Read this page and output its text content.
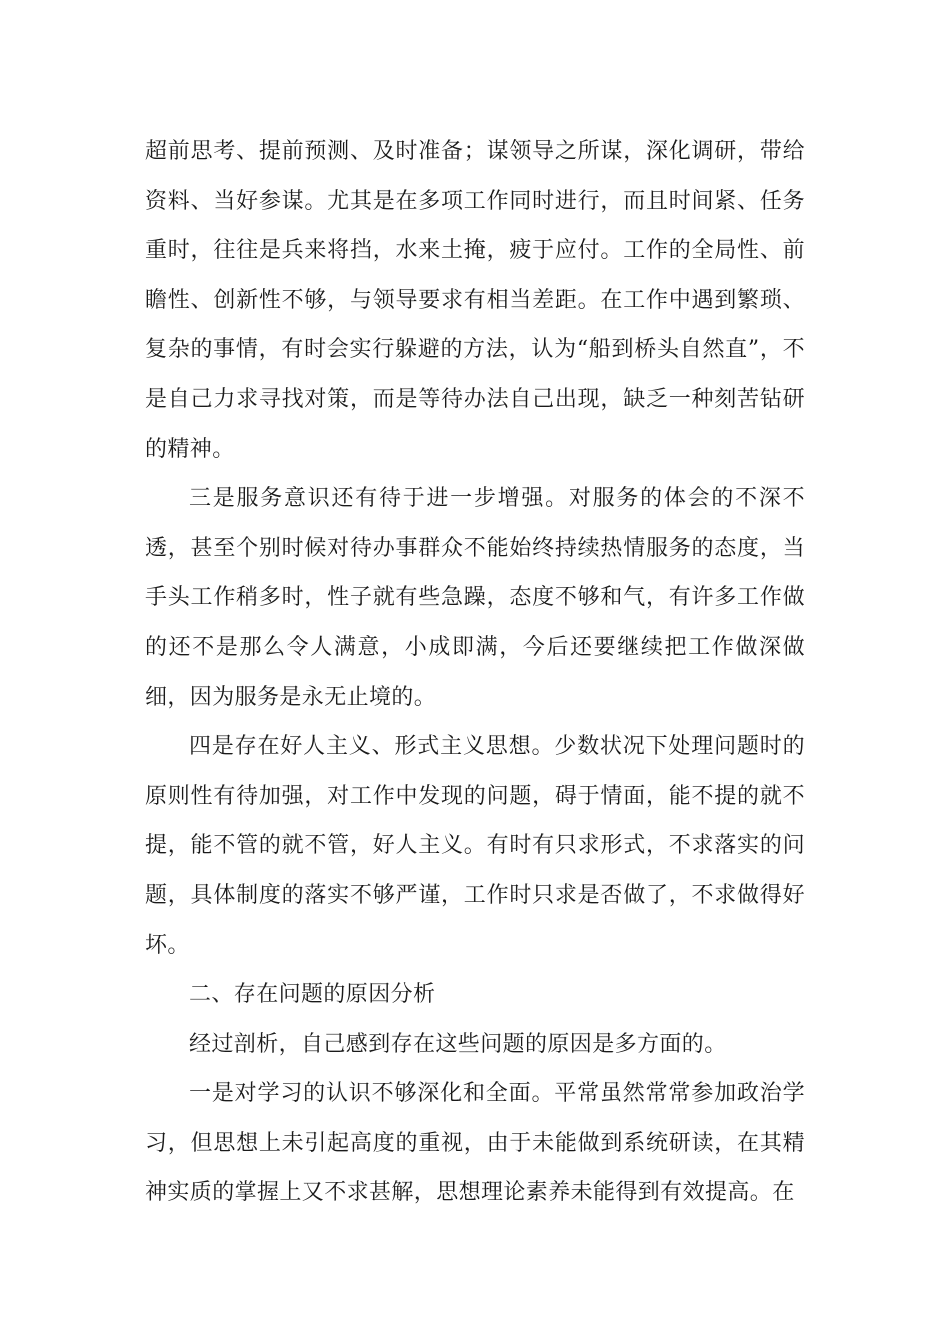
超前思考、提前预测、及时准备；谋领导之所谋，深化调研，带给资料、当好参谋。尤其是在多项工作同时进行，而且时间紧、任务重时，往往是兵来将挡，水来土掩，疲于应付。工作的全局性、前瞻性、创新性不够，与领导要求有相当差距。在工作中遇到繁琐、复杂的事情，有时会实行躲避的方法，认为“船到桥头自然直”，不是自己力求寻找对策，而是等待办法自己出现，缺乏一种刻苦钻研的精神。

三是服务意识还有待于进一步增强。对服务的体会的不深不透，甚至个别时候对待办事群众不能始终持续热情服务的态度，当手头工作稍多时，性子就有些急躁，态度不够和气，有许多工作做的还不是那么令人满意，小成即满，今后还要继续把工作做深做细，因为服务是永无止境的。

四是存在好人主义、形式主义思想。少数状况下处理问题时的原则性有待加强，对工作中发现的问题，碍于情面，能不提的就不提，能不管的就不管，好人主义。有时有只求形式，不求落实的问题，具体制度的落实不够严谨，工作时只求是否做了，不求做得好坏。

二、存在问题的原因分析

经过剖析，自己感到存在这些问题的原因是多方面的。

一是对学习的认识不够深化和全面。平常虽然常常参加政治学习，但思想上未引起高度的重视，由于未能做到系统研读，在其精神实质的掌握上又不求甚解，思想理论素养未能得到有效提高。在
